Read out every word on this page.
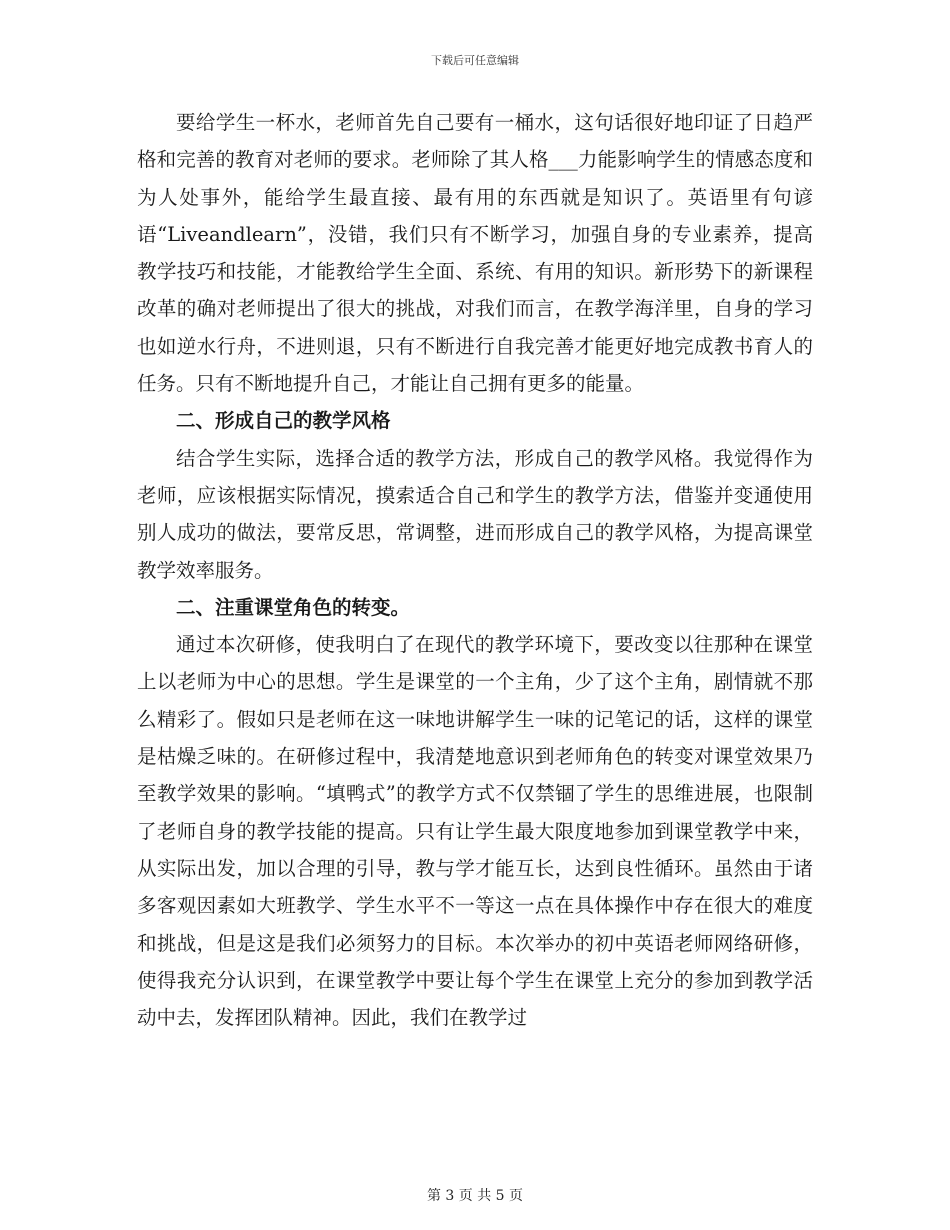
下载后可任意编辑

要给学生一杯水，老师首先自己要有一桶水，这句话很好地印证了日趋严格和完善的教育对老师的要求。老师除了其人格___力能影响学生的情感态度和为人处事外，能给学生最直接、最有用的东西就是知识了。英语里有句谚语“Liveandlearn”，没错，我们只有不断学习，加强自身的专业素养，提高教学技巧和技能，才能教给学生全面、系统、有用的知识。新形势下的新课程改革的确对老师提出了很大的挑战，对我们而言，在教学海洋里，自身的学习也如逆水行舟，不进则退，只有不断进行自我完善才能更好地完成教书育人的任务。只有不断地提升自己，才能让自己拥有更多的能量。

二、形成自己的教学风格

结合学生实际，选择合适的教学方法，形成自己的教学风格。我觉得作为老师，应该根据实际情况，摸索适合自己和学生的教学方法，借鉴并变通使用别人成功的做法，要常反思，常调整，进而形成自己的教学风格，为提高课堂教学效率服务。

二、注重课堂角色的转变。

通过本次研修，使我明白了在现代的教学环境下，要改变以往那种在课堂上以老师为中心的思想。学生是课堂的一个主角，少了这个主角，剧情就不那么精彩了。假如只是老师在这一味地讲解学生一味的记笔记的话，这样的课堂是枯燥乏味的。在研修过程中，我清楚地意识到老师角色的转变对课堂效果乃至教学效果的影响。“填鸭式”的教学方式不仅禁锢了学生的思维进展，也限制了老师自身的教学技能的提高。只有让学生最大限度地参加到课堂教学中来，从实际出发，加以合理的引导，教与学才能互长，达到良性循环。虽然由于诸多客观因素如大班教学、学生水平不一等这一点在具体操作中存在很大的难度和挑战，但是这是我们必须努力的目标。本次举办的初中英语老师网络研修，使得我充分认识到，在课堂教学中要让每个学生在课堂上充分的参加到教学活动中去，发挥团队精神。因此，我们在教学过

第 3 页 共 5 页
